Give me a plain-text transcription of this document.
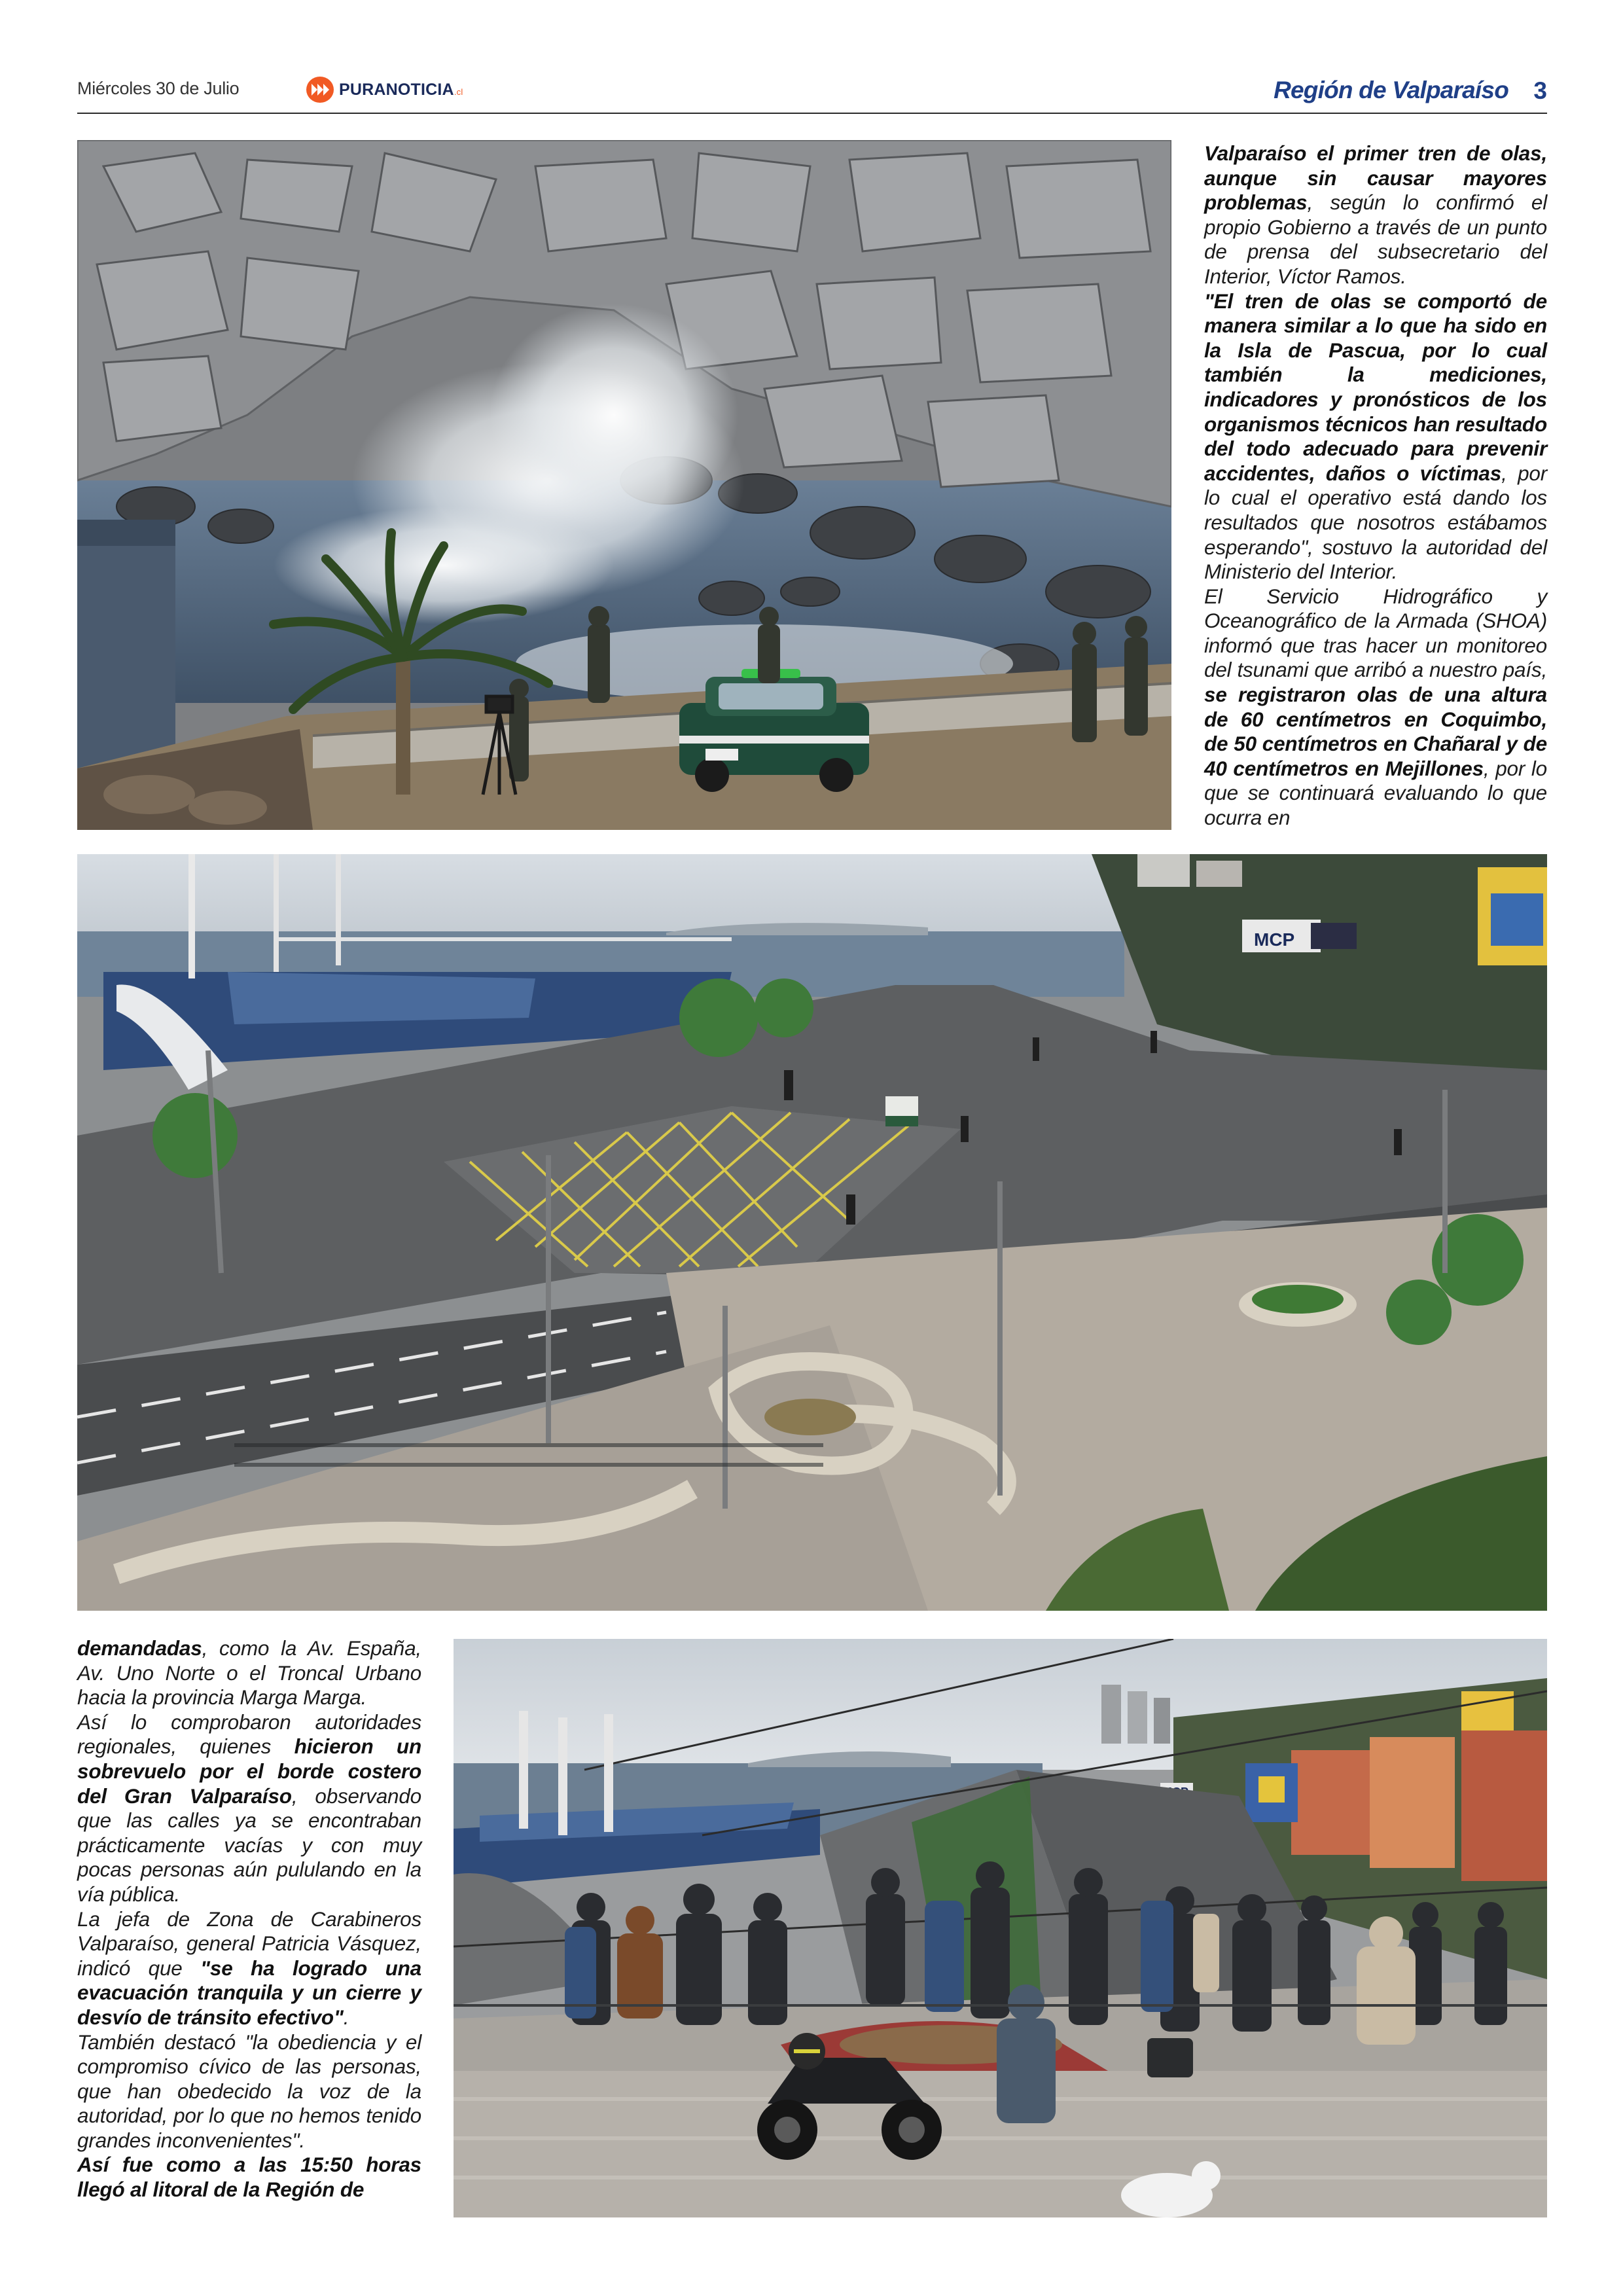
Miércoles 30 de Julio	PURANOTICIA.cl	Región de Valparaíso 3

Valparaíso el primer tren de olas, aunque sin causar mayores problemas, según lo confirmó el propio Gobierno a través de un punto de prensa del subsecretario del Interior, Víctor Ramos.

"El tren de olas se comportó de manera similar a lo que ha sido en la Isla de Pascua, por lo cual también la mediciones, indicadores y pronósticos de los organismos técnicos han resultado del todo adecuado para prevenir accidentes, daños o víctimas, por lo cual el operativo está dando los resultados que nosotros estábamos esperando", sostuvo la autoridad del Ministerio del Interior.

El Servicio Hidrográfico y Oceanográfico de la Armada (SHOA) informó que tras hacer un monitoreo del tsunami que arribó a nuestro país, se registraron olas de una altura de 60 centímetros en Coquimbo, de 50 centímetros en Chañaral y de 40 centímetros en Mejillones, por lo que se continuará evaluando lo que ocurra en

MCP

demandadas, como la Av. España, Av. Uno Norte o el Troncal Urbano hacia la provincia Marga Marga.

Así lo comprobaron autoridades regionales, quienes hicieron un sobrevuelo por el borde costero del Gran Valparaíso, observando que las calles ya se encontraban prácticamente vacías y con muy pocas personas aún pululando en la vía pública.

La jefa de Zona de Carabineros Valparaíso, general Patricia Vásquez, indicó que "se ha logrado una evacuación tranquila y un cierre y desvío de tránsito efectivo".

También destacó "la obediencia y el compromiso cívico de las personas, que han obedecido la voz de la autoridad, por lo que no hemos tenido grandes inconvenientes".

Así fue como a las 15:50 horas llegó al litoral de la Región de
